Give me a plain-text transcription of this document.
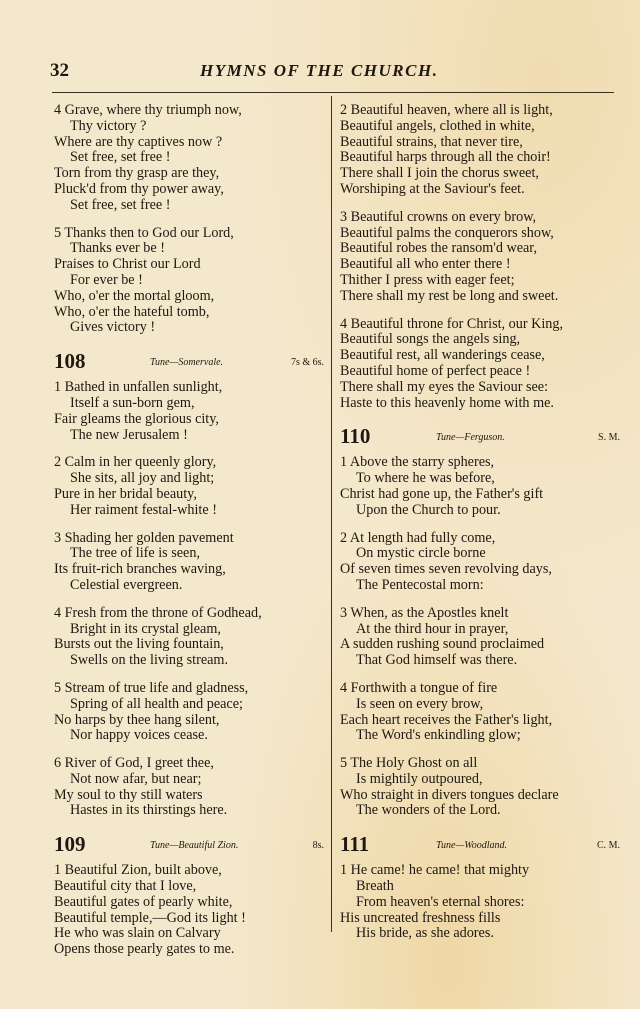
32	HYMNS OF THE CHURCH.
4 Grave, where thy triumph now,
Thy victory ?
Where are thy captives now ?
Set free, set free !
Torn from thy grasp are they,
Pluck'd from thy power away,
Set free, set free !
5 Thanks then to God our Lord,
Thanks ever be !
Praises to Christ our Lord
For ever be !
Who, o'er the mortal gloom,
Who, o'er the hateful tomb,
Gives victory !
108	Tune—Somervale.	7s & 6s.
1 Bathed in unfallen sunlight,
Itself a sun-born gem,
Fair gleams the glorious city,
The new Jerusalem !
2 Calm in her queenly glory,
She sits, all joy and light;
Pure in her bridal beauty,
Her raiment festal-white !
3 Shading her golden pavement
The tree of life is seen,
Its fruit-rich branches waving,
Celestial evergreen.
4 Fresh from the throne of Godhead,
Bright in its crystal gleam,
Bursts out the living fountain,
Swells on the living stream.
5 Stream of true life and gladness,
Spring of all health and peace;
No harps by thee hang silent,
Nor happy voices cease.
6 River of God, I greet thee,
Not now afar, but near;
My soul to thy still waters
Hastes in its thirstings here.
109	Tune—Beautiful Zion.	8s.
1 Beautiful Zion, built above,
Beautiful city that I love,
Beautiful gates of pearly white,
Beautiful temple,—God its light !
He who was slain on Calvary
Opens those pearly gates to me.
2 Beautiful heaven, where all is light,
Beautiful angels, clothed in white,
Beautiful strains, that never tire,
Beautiful harps through all the choir!
There shall I join the chorus sweet,
Worshiping at the Saviour's feet.
3 Beautiful crowns on every brow,
Beautiful palms the conquerors show,
Beautiful robes the ransom'd wear,
Beautiful all who enter there !
Thither I press with eager feet;
There shall my rest be long and sweet.
4 Beautiful throne for Christ, our King,
Beautiful songs the angels sing,
Beautiful rest, all wanderings cease,
Beautiful home of perfect peace !
There shall my eyes the Saviour see:
Haste to this heavenly home with me.
110	Tune—Ferguson.	S. M.
1 Above the starry spheres,
To where he was before,
Christ had gone up, the Father's gift
Upon the Church to pour.
2 At length had fully come,
On mystic circle borne
Of seven times seven revolving days,
The Pentecostal morn:
3 When, as the Apostles knelt
At the third hour in prayer,
A sudden rushing sound proclaimed
That God himself was there.
4 Forthwith a tongue of fire
Is seen on every brow,
Each heart receives the Father's light,
The Word's enkindling glow;
5 The Holy Ghost on all
Is mightily outpoured,
Who straight in divers tongues declare
The wonders of the Lord.
111	Tune—Woodland.	C. M.
1 He came! he came! that mighty
Breath
From heaven's eternal shores:
His uncreated freshness fills
His bride, as she adores.
